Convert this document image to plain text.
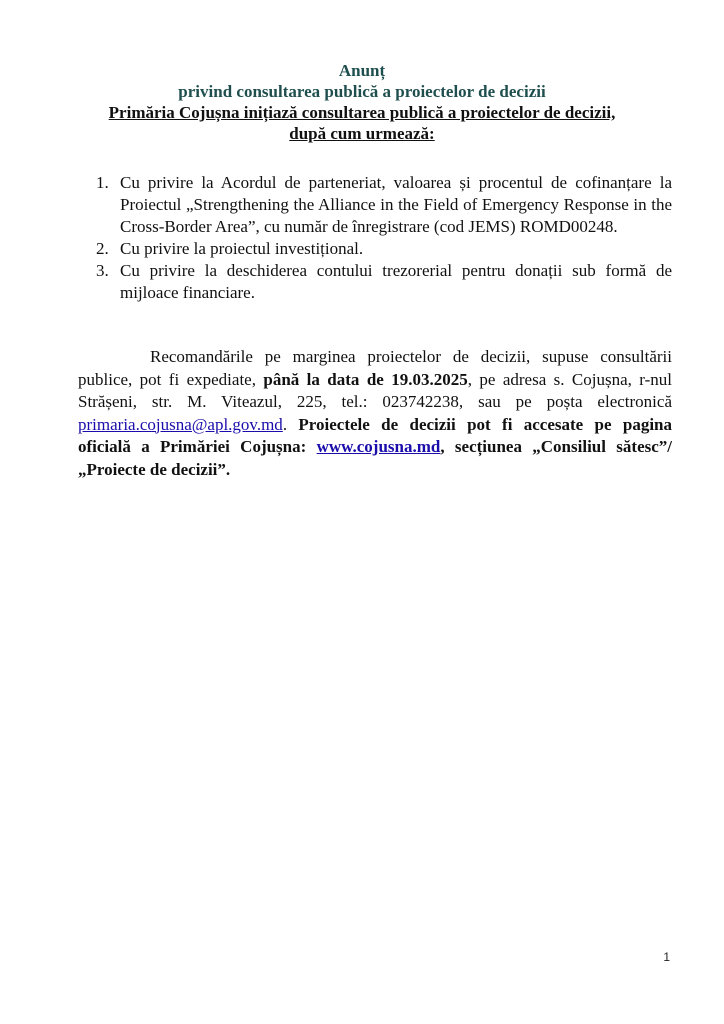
Anunț

privind consultarea publică a proiectelor de decizii

Primăria Cojușna inițiază consultarea publică a proiectelor de decizii, după cum urmează:

1. Cu privire la Acordul de parteneriat, valoarea și procentul de cofinanțare la Proiectul „Strengthening the Alliance in the Field of Emergency Response in the Cross-Border Area”, cu număr de înregistrare (cod JEMS) ROMD00248.
2. Cu privire la proiectul investițional.
3. Cu privire la deschiderea contului trezorerial pentru donații sub formă de mijloace financiare.

Recomandările pe marginea proiectelor de decizii, supuse consultării publice, pot fi expediate, până la data de 19.03.2025, pe adresa s. Cojușna, r-nul Strășeni, str. M. Viteazul, 225, tel.: 023742238, sau pe poșta electronică primaria.cojusna@apl.gov.md. Proiectele de decizii pot fi accesate pe pagina oficială a Primăriei Cojușna: www.cojusna.md, secțiunea „Consiliul sătesc”/„Proiecte de decizii”.

1
